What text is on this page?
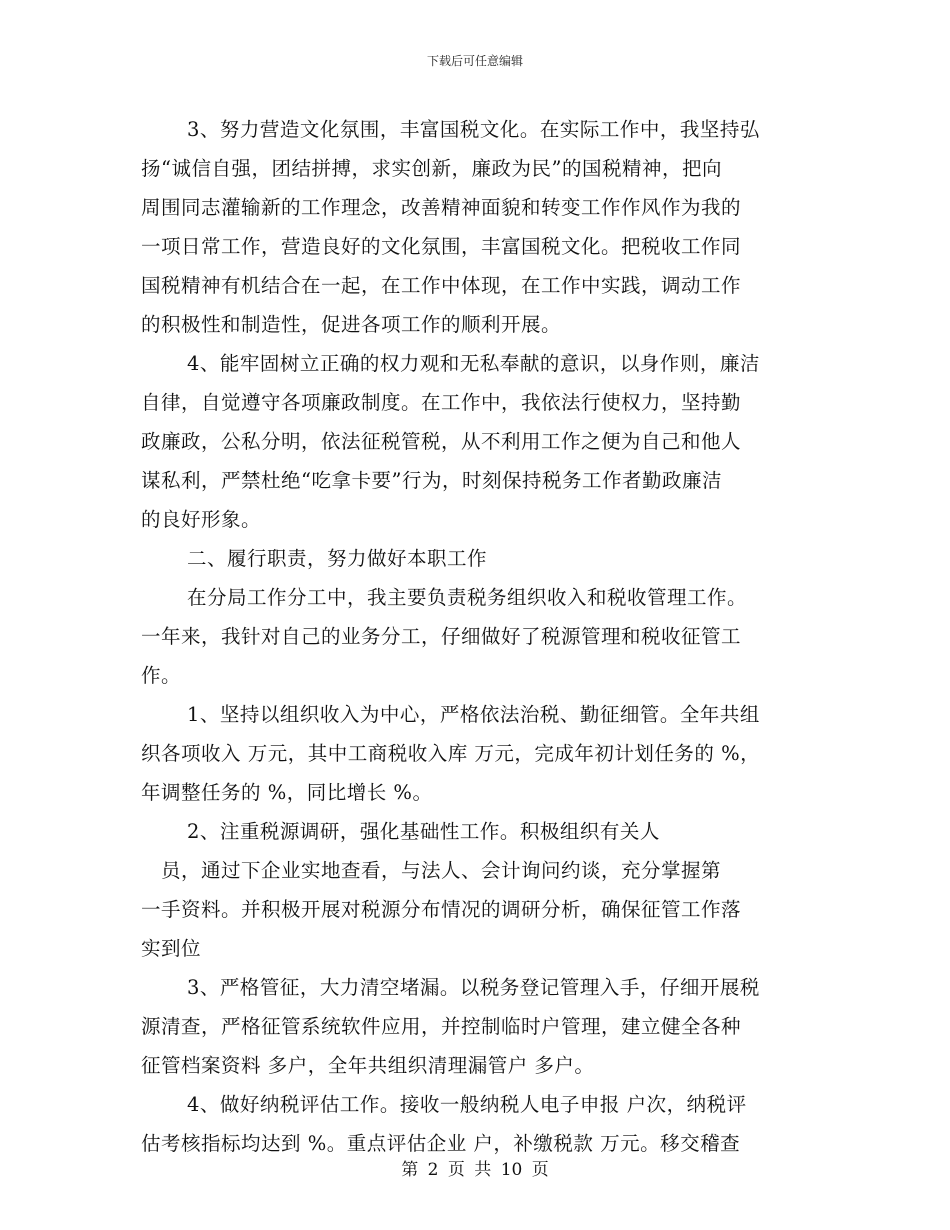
下载后可任意编辑
3、努力营造文化氛围，丰富国税文化。在实际工作中，我坚持弘
扬“诚信自强，团结拼搏，求实创新，廉政为民”的国税精神，把向
周围同志灌输新的工作理念，改善精神面貌和转变工作作风作为我的
一项日常工作，营造良好的文化氛围，丰富国税文化。把税收工作同
国税精神有机结合在一起，在工作中体现，在工作中实践，调动工作
的积极性和制造性，促进各项工作的顺利开展。
4、能牢固树立正确的权力观和无私奉献的意识，以身作则，廉洁
自律，自觉遵守各项廉政制度。在工作中，我依法行使权力，坚持勤
政廉政，公私分明，依法征税管税，从不利用工作之便为自己和他人
谋私利，严禁杜绝“吃拿卡要”行为，时刻保持税务工作者勤政廉洁
的良好形象。
二、履行职责，努力做好本职工作
在分局工作分工中，我主要负责税务组织收入和税收管理工作。
一年来，我针对自己的业务分工，仔细做好了税源管理和税收征管工
作。
1、坚持以组织收入为中心，严格依法治税、勤征细管。全年共组
织各项收入 万元，其中工商税收入库 万元，完成年初计划任务的 %，
年调整任务的 %，同比增长 %。
2、注重税源调研，强化基础性工作。积极组织有关人
员，通过下企业实地查看，与法人、会计询问约谈，充分掌握第
一手资料。并积极开展对税源分布情况的调研分析，确保征管工作落
实到位
3、严格管征，大力清空堵漏。以税务登记管理入手，仔细开展税
源清查，严格征管系统软件应用，并控制临时户管理，建立健全各种
征管档案资料 多户，全年共组织清理漏管户 多户。
4、做好纳税评估工作。接收一般纳税人电子申报 户次，纳税评
估考核指标均达到 %。重点评估企业 户，补缴税款 万元。移交稽查
第 2 页 共 10 页
